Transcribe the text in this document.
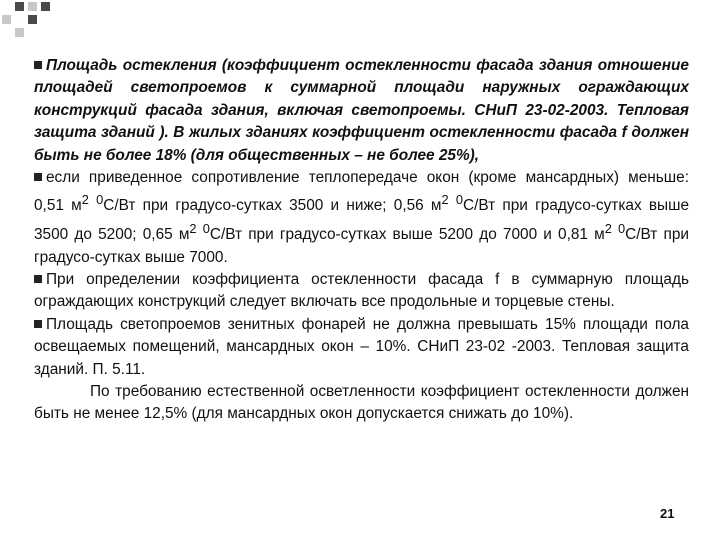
Площадь остекления (коэффициент остекленности фасада здания отношение площадей светопроемов к суммарной площади наружных ограждающих конструкций фасада здания, включая светопроемы. СНиП 23-02-2003. Тепловая защита зданий ). В жилых зданиях коэффициент остекленности фасада f должен быть не более 18% (для общественных – не более 25%),

если приведенное сопротивление теплопередаче окон (кроме мансардных) меньше: 0,51 $м^2$ $^0$С/Вт при градусо-сутках 3500 и ниже; 0,56 $м^2$ $^0$С/Вт при градусо-сутках выше 3500 до 5200; 0,65 $м^2$ $^0$С/Вт при градусо-сутках выше 5200 до 7000 и 0,81 $м^2$ $^0$С/Вт при градусо-сутках выше 7000.

При определении коэффициента остекленности фасада f в суммарную площадь ограждающих конструкций следует включать все продольные и торцевые стены.

Площадь светопроемов зенитных фонарей не должна превышать 15% площади пола освещаемых помещений, мансардных окон – 10%. СНиП 23-02 -2003. Тепловая защита зданий. П. 5.11.

По требованию естественной осветленности коэффициент остекленности должен быть не менее 12,5% (для мансардных окон допускается снижать до 10%).

21
